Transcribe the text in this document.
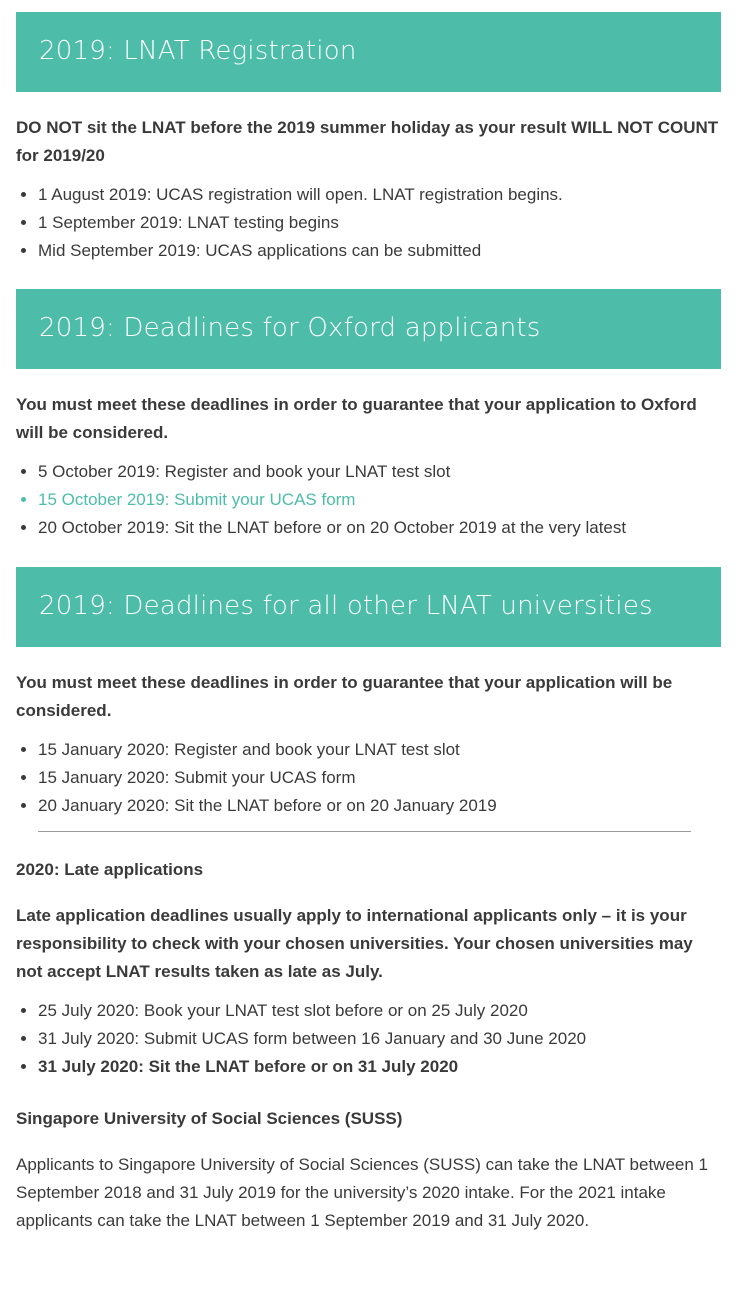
2019: LNAT Registration

DO NOT sit the LNAT before the 2019 summer holiday as your result WILL NOT COUNT for 2019/20

• 1 August 2019: UCAS registration will open. LNAT registration begins.
• 1 September 2019: LNAT testing begins
• Mid September 2019: UCAS applications can be submitted
2019: Deadlines for Oxford applicants

You must meet these deadlines in order to guarantee that your application to Oxford will be considered.

• 5 October 2019: Register and book your LNAT test slot
• 15 October 2019: Submit your UCAS form
• 20 October 2019: Sit the LNAT before or on 20 October 2019 at the very latest
2019: Deadlines for all other LNAT universities

You must meet these deadlines in order to guarantee that your application will be considered.

• 15 January 2020: Register and book your LNAT test slot
• 15 January 2020: Submit your UCAS form
• 20 January 2020: Sit the LNAT before or on 20 January 2019

2020: Late applications

Late application deadlines usually apply to international applicants only – it is your responsibility to check with your chosen universities. Your chosen universities may not accept LNAT results taken as late as July.

• 25 July 2020: Book your LNAT test slot before or on 25 July 2020
• 31 July 2020: Submit UCAS form between 16 January and 30 June 2020
• 31 July 2020: Sit the LNAT before or on 31 July 2020

Singapore University of Social Sciences (SUSS)

Applicants to Singapore University of Social Sciences (SUSS) can take the LNAT between 1 September 2018 and 31 July 2019 for the university’s 2020 intake. For the 2021 intake applicants can take the LNAT between 1 September 2019 and 31 July 2020.
